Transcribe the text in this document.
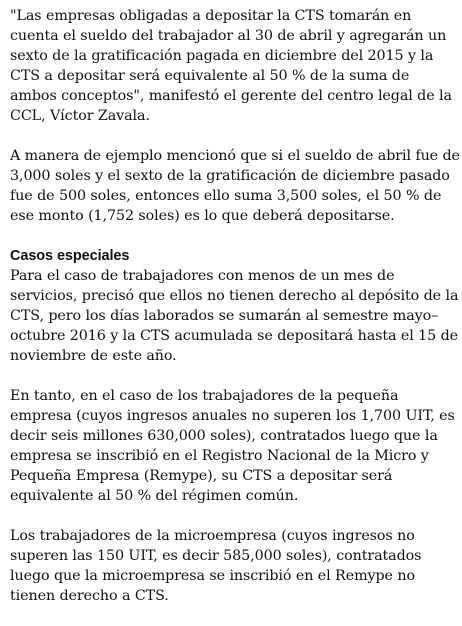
"Las empresas obligadas a depositar la CTS tomarán en cuenta el sueldo del trabajador al 30 de abril y agregarán un sexto de la gratificación pagada en diciembre del 2015 y la CTS a depositar será equivalente al 50 % de la suma de ambos conceptos", manifestó el gerente del centro legal de la CCL, Víctor Zavala.

A manera de ejemplo mencionó que si el sueldo de abril fue de 3,000 soles y el sexto de la gratificación de diciembre pasado fue de 500 soles, entonces ello suma 3,500 soles, el 50 % de ese monto (1,752 soles) es lo que deberá depositarse.

Casos especiales

Para el caso de trabajadores con menos de un mes de servicios, precisó que ellos no tienen derecho al depósito de la CTS, pero los días laborados se sumarán al semestre mayo–octubre 2016 y la CTS acumulada se depositará hasta el 15 de noviembre de este año.

En tanto, en el caso de los trabajadores de la pequeña empresa (cuyos ingresos anuales no superen los 1,700 UIT, es decir seis millones 630,000 soles), contratados luego que la empresa se inscribió en el Registro Nacional de la Micro y Pequeña Empresa (Remype), su CTS a depositar será equivalente al 50 % del régimen común.

Los trabajadores de la microempresa (cuyos ingresos no superen las 150 UIT, es decir 585,000 soles), contratados luego que la microempresa se inscribió en el Remype no tienen derecho a CTS.
